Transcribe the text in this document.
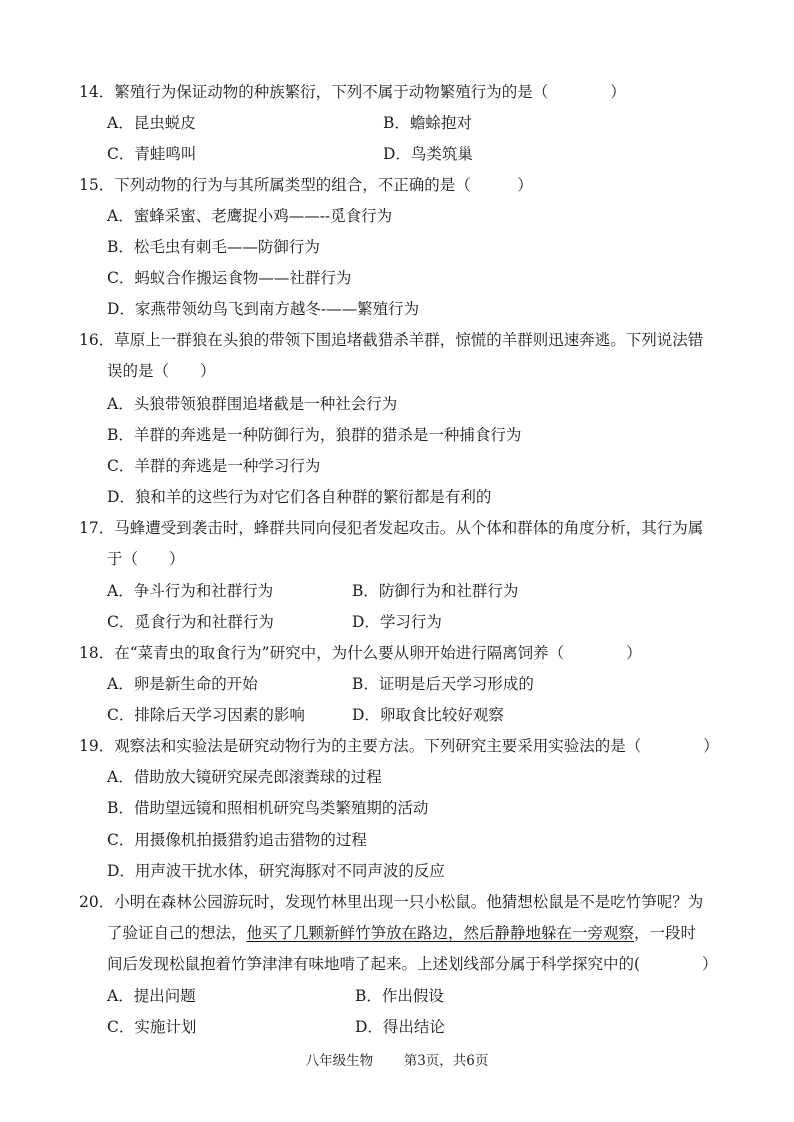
14．繁殖行为保证动物的种族繁衍，下列不属于动物繁殖行为的是（　　　　）
A．昆虫蜕皮	B．蟾蜍抱对
C．青蛙鸣叫	D．鸟类筑巢
15．下列动物的行为与其所属类型的组合，不正确的是（　　　）
A．蜜蜂采蜜、老鹰捉小鸡——--觅食行为
B．松毛虫有刺毛——防御行为
C．蚂蚁合作搬运食物——社群行为
D．家燕带领幼鸟飞到南方越冬-——繁殖行为
16．草原上一群狼在头狼的带领下围追堵截猎杀羊群，惊慌的羊群则迅速奔逃。下列说法错
误的是（　　）
A．头狼带领狼群围追堵截是一种社会行为
B．羊群的奔逃是一种防御行为，狼群的猎杀是一种捕食行为
C．羊群的奔逃是一种学习行为
D．狼和羊的这些行为对它们各自种群的繁衍都是有利的
17．马蜂遭受到袭击时，蜂群共同向侵犯者发起攻击。从个体和群体的角度分析，其行为属
于（　　）
A．争斗行为和社群行为	B．防御行为和社群行为
C．觅食行为和社群行为	D．学习行为
18．在“菜青虫的取食行为”研究中，为什么要从卵开始进行隔离饲养（　　　　）
A．卵是新生命的开始	B．证明是后天学习形成的
C．排除后天学习因素的影响	D．卵取食比较好观察
19．观察法和实验法是研究动物行为的主要方法。下列研究主要采用实验法的是（　　　　）
A．借助放大镜研究屎壳郎滚粪球的过程
B．借助望远镜和照相机研究鸟类繁殖期的活动
C．用摄像机拍摄猎豹追击猎物的过程
D．用声波干扰水体，研究海豚对不同声波的反应
20．小明在森林公园游玩时，发现竹林里出现一只小松鼠。他猜想松鼠是不是吃竹笋呢？为
了验证自己的想法，他买了几颗新鲜竹笋放在路边，然后静静地躲在一旁观察，一段时
间后发现松鼠抱着竹笋津津有味地啃了起来。上述划线部分属于科学探究中的(　　　　）
A．提出问题	B．作出假设
C．实施计划	D．得出结论
八年级生物 第3页，共6页
